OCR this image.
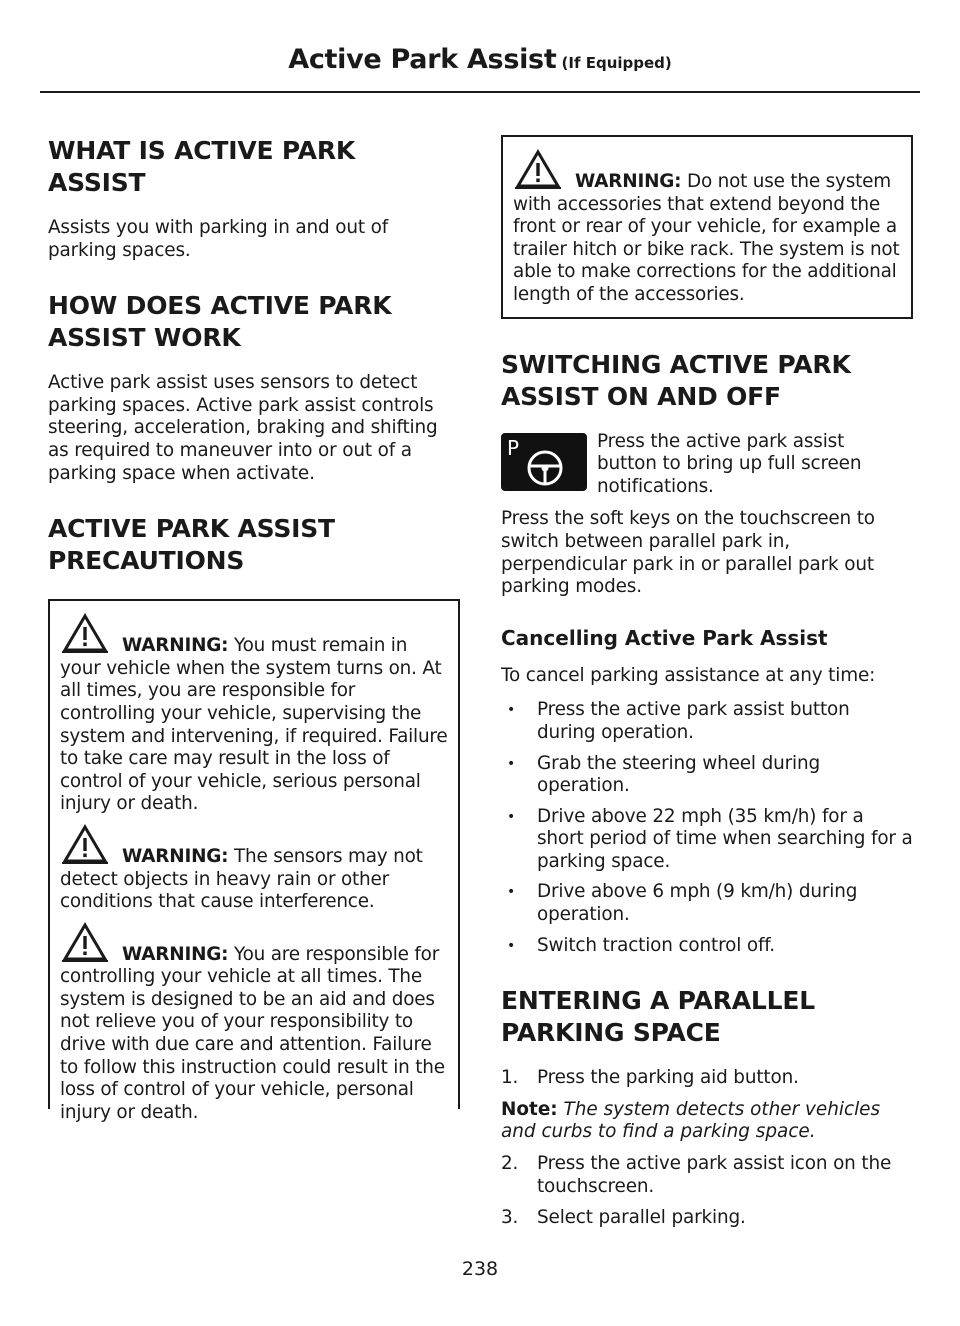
Active Park Assist (If Equipped)
WHAT IS ACTIVE PARK ASSIST

Assists you with parking in and out of parking spaces.

HOW DOES ACTIVE PARK ASSIST WORK

Active park assist uses sensors to detect parking spaces. Active park assist controls steering, acceleration, braking and shifting as required to maneuver into or out of a parking space when activate.

ACTIVE PARK ASSIST PRECAUTIONS
WARNING: You must remain in your vehicle when the system turns on. At all times, you are responsible for controlling your vehicle, supervising the system and intervening, if required. Failure to take care may result in the loss of control of your vehicle, serious personal injury or death.
WARNING: The sensors may not detect objects in heavy rain or other conditions that cause interference.
WARNING: You are responsible for controlling your vehicle at all times. The system is designed to be an aid and does not relieve you of your responsibility to drive with due care and attention. Failure to follow this instruction could result in the loss of control of your vehicle, personal injury or death.
WARNING: Do not use the system with accessories that extend beyond the front or rear of your vehicle, for example a trailer hitch or bike rack. The system is not able to make corrections for the additional length of the accessories.
SWITCHING ACTIVE PARK ASSIST ON AND OFF
P	Press the active park assist button to bring up full screen notifications.

Press the soft keys on the touchscreen to switch between parallel park in, perpendicular park in or parallel park out parking modes.

Cancelling Active Park Assist

To cancel parking assistance at any time:

• Press the active park assist button during operation.
• Grab the steering wheel during operation.
• Drive above 22 mph (35 km/h) for a short period of time when searching for a parking space.
• Drive above 6 mph (9 km/h) during operation.
• Switch traction control off.
ENTERING A PARALLEL PARKING SPACE
1. Press the parking aid button.

Note: The system detects other vehicles and curbs to find a parking space.

2. Press the active park assist icon on the touchscreen.
3. Select parallel parking.
238
